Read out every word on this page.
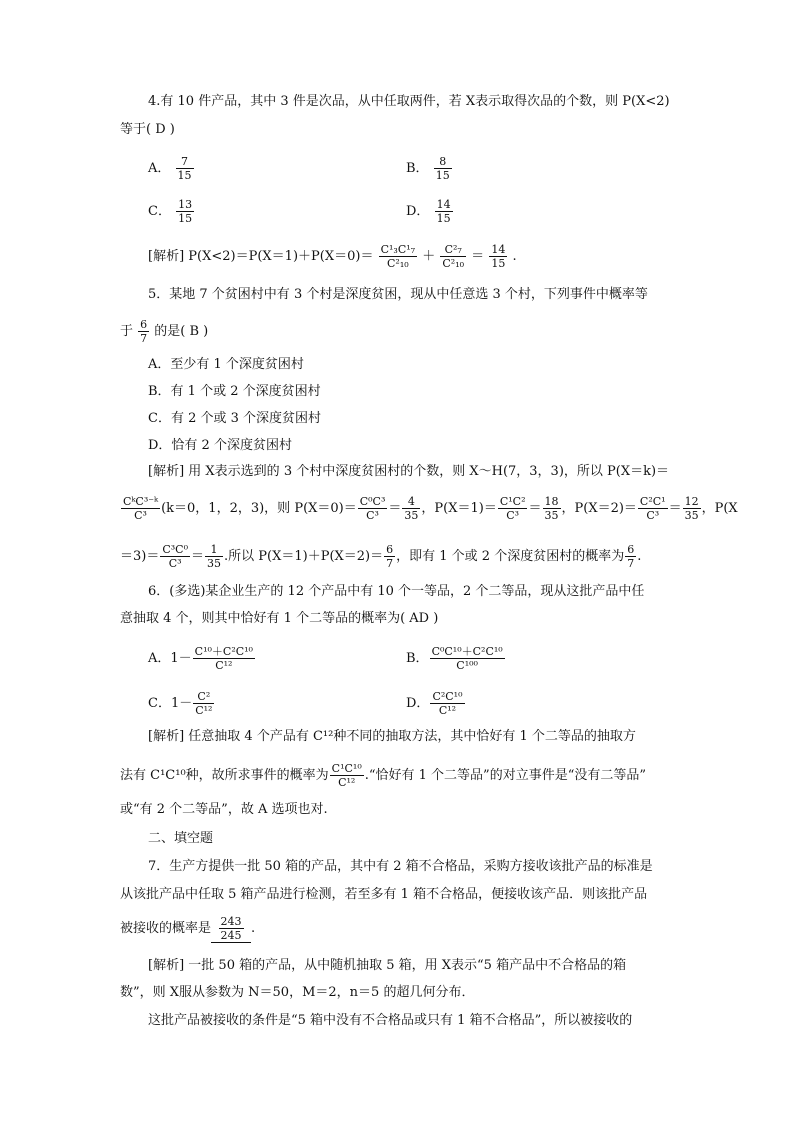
4.有 10 件产品，其中 3 件是次品，从中任取两件，若 X表示取得次品的个数，则 P(X<2)
等于( D )
A． $\frac{7}{15}$	B． $\frac{8}{15}$
C． $\frac{13}{15}$	D． $\frac{14}{15}$
[解析] $P(X<2)=P(X=1)+P(X=0)= \frac{\text{C¹₃C¹₇}}{\text{C²₁₀}} + \frac{\text{C²₇}}{\text{C²₁₀}} = \frac{14}{15}$ .
5．某地 7 个贫困村中有 3 个村是深度贫困，现从中任意选 3 个村，下列事件中概率等
于 $\frac{6}{7}$ 的是( B )
A．至少有 1 个深度贫困村
B．有 1 个或 2 个深度贫困村
C．有 2 个或 3 个深度贫困村
D．恰有 2 个深度贫困村
[解析] 用 X表示选到的 3 个村中深度贫困村的个数，则 X～H(7，3，3)，所以 P(X＝k)＝
$\frac{\text{CᵏC³⁻ᵏ}}{\text{C³}} (k=0$，1，2，3)，则 $P(X=0)= \frac{\text{C⁰C³}}{\text{C³}} = \frac{4}{35}$ ，$P(X=1)= \frac{\text{C¹C²}}{\text{C³}} = \frac{18}{35}$ ，$P(X=2)= \frac{\text{C²C¹}}{\text{C³}} = \frac{12}{35}$ ，P(X
$=3)= \frac{\text{C³C⁰}}{\text{C³}} = \frac{1}{35}$ .所以 $P(X=1)+P(X=2)= \frac{6}{7}$ ，即有 1 个或 2 个深度贫困村的概率为 $\frac{6}{7}$ .
6．(多选)某企业生产的 12 个产品中有 10 个一等品，2 个二等品，现从这批产品中任
意抽取 4 个，则其中恰好有 1 个二等品的概率为( AD )
A．$1- \frac{\text{C¹⁰＋C²C¹⁰}}{\text{C¹²}}$	B． $\frac{\text{C⁰C¹⁰＋C²C¹⁰}}{\text{C¹⁰⁰}}$
C．$1- \frac{\text{C²}}{\text{C¹²}}$	D． $\frac{\text{C²C¹⁰}}{\text{C¹²}}$
[解析] 任意抽取 4 个产品有 C¹²种不同的抽取方法，其中恰好有 1 个二等品的抽取方
法有 C¹C¹⁰种，故所求事件的概率为 $\frac{\text{C¹C¹⁰}}{\text{C¹²}}$ .“恰好有 1 个二等品”的对立事件是“没有二等品”
或“有 2 个二等品”，故 A 选项也对.
二、填空题
7．生产方提供一批 50 箱的产品，其中有 2 箱不合格品，采购方接收该批产品的标准是
从该批产品中任取 5 箱产品进行检测，若至多有 1 箱不合格品，便接收该产品．则该批产品
被接收的概率是 $\frac{243}{245}$ .
[解析] 一批 50 箱的产品，从中随机抽取 5 箱，用 X表示“5 箱产品中不合格品的箱
数”，则 X服从参数为 N＝50，M＝2，n＝5 的超几何分布．
这批产品被接收的条件是“5 箱中没有不合格品或只有 1 箱不合格品”，所以被接收的
